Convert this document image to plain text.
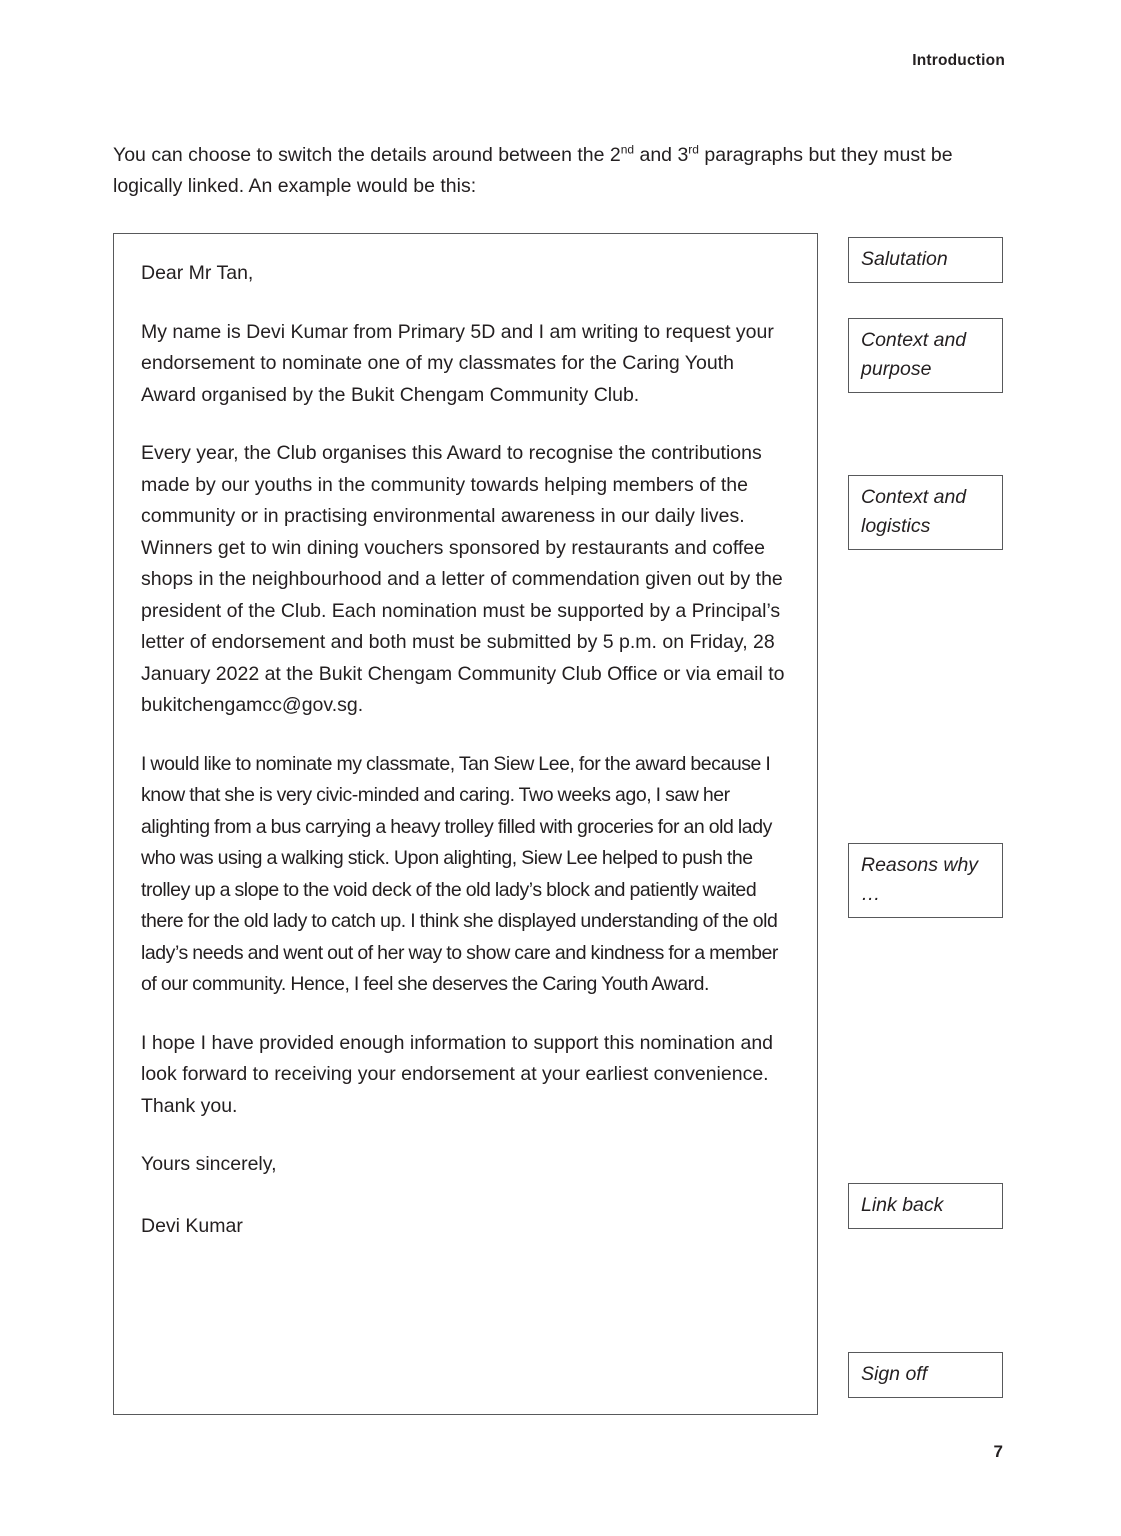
Introduction
You can choose to switch the details around between the 2nd and 3rd paragraphs but they must be logically linked. An example would be this:

Dear Mr Tan,

My name is Devi Kumar from Primary 5D and I am writing to request your endorsement to nominate one of my classmates for the Caring Youth Award organised by the Bukit Chengam Community Club.

Every year, the Club organises this Award to recognise the contributions made by our youths in the community towards helping members of the community or in practising environmental awareness in our daily lives. Winners get to win dining vouchers sponsored by restaurants and coffee shops in the neighbourhood and a letter of commendation given out by the president of the Club. Each nomination must be supported by a Principal’s letter of endorsement and both must be submitted by 5 p.m. on Friday, 28 January 2022 at the Bukit Chengam Community Club Office or via email to bukitchengamcc@gov.sg.

I would like to nominate my classmate, Tan Siew Lee, for the award because I know that she is very civic-minded and caring. Two weeks ago, I saw her alighting from a bus carrying a heavy trolley filled with groceries for an old lady who was using a walking stick. Upon alighting, Siew Lee helped to push the trolley up a slope to the void deck of the old lady’s block and patiently waited there for the old lady to catch up. I think she displayed understanding of the old lady’s needs and went out of her way to show care and kindness for a member of our community. Hence, I feel she deserves the Caring Youth Award.

I hope I have provided enough information to support this nomination and look forward to receiving your endorsement at your earliest convenience. Thank you.

Yours sincerely,

Devi Kumar

Salutation
Context and purpose
Context and logistics
Reasons why …
Link back
Sign off
7
